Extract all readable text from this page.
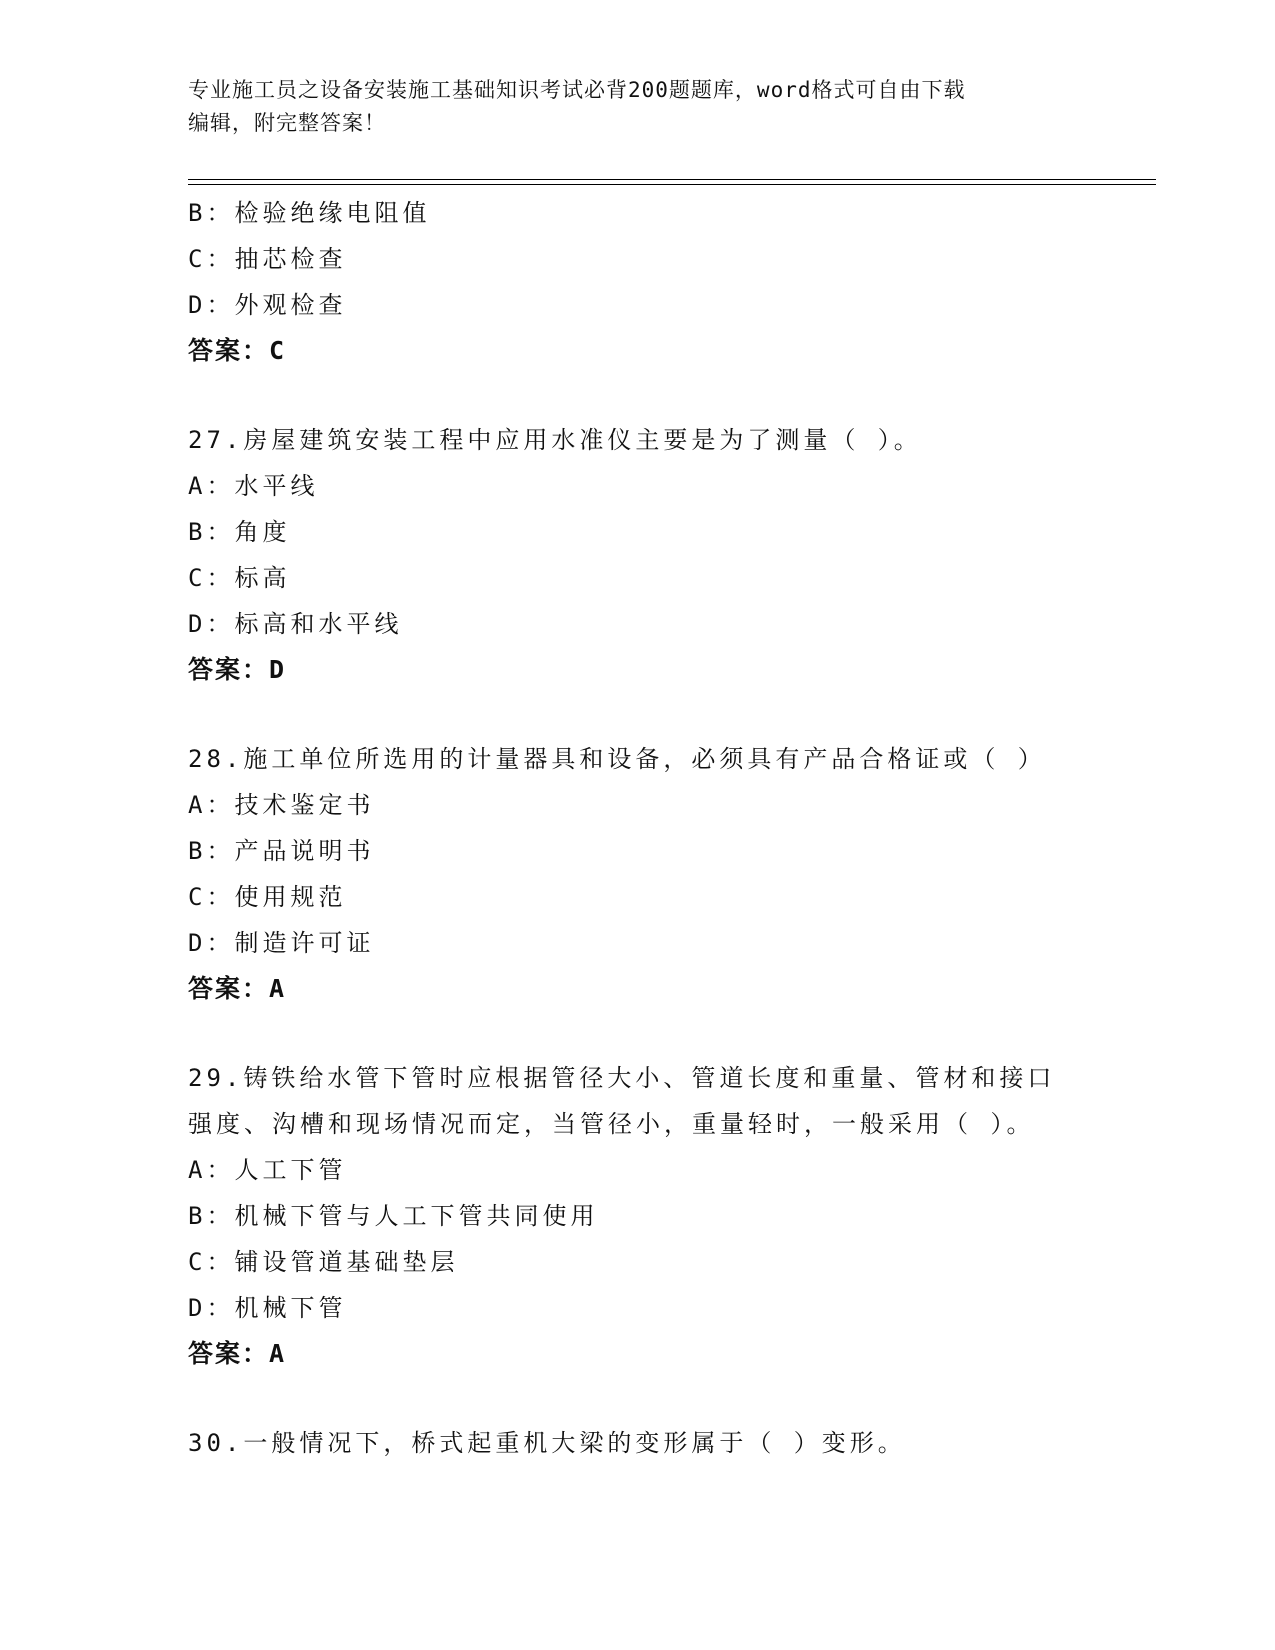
专业施工员之设备安装施工基础知识考试必背200题题库，word格式可自由下载
编辑，附完整答案！
B：检验绝缘电阻值
C：抽芯检查
D：外观检查
答案：C
27.房屋建筑安装工程中应用水准仪主要是为了测量（ ）。
A：水平线
B：角度
C：标高
D：标高和水平线
答案：D
28.施工单位所选用的计量器具和设备，必须具有产品合格证或（ ）
A：技术鉴定书
B：产品说明书
C：使用规范
D：制造许可证
答案：A
29.铸铁给水管下管时应根据管径大小、管道长度和重量、管材和接口
强度、沟槽和现场情况而定，当管径小，重量轻时，一般采用（ ）。
A：人工下管
B：机械下管与人工下管共同使用
C：铺设管道基础垫层
D：机械下管
答案：A
30.一般情况下，桥式起重机大梁的变形属于（ ）变形。
